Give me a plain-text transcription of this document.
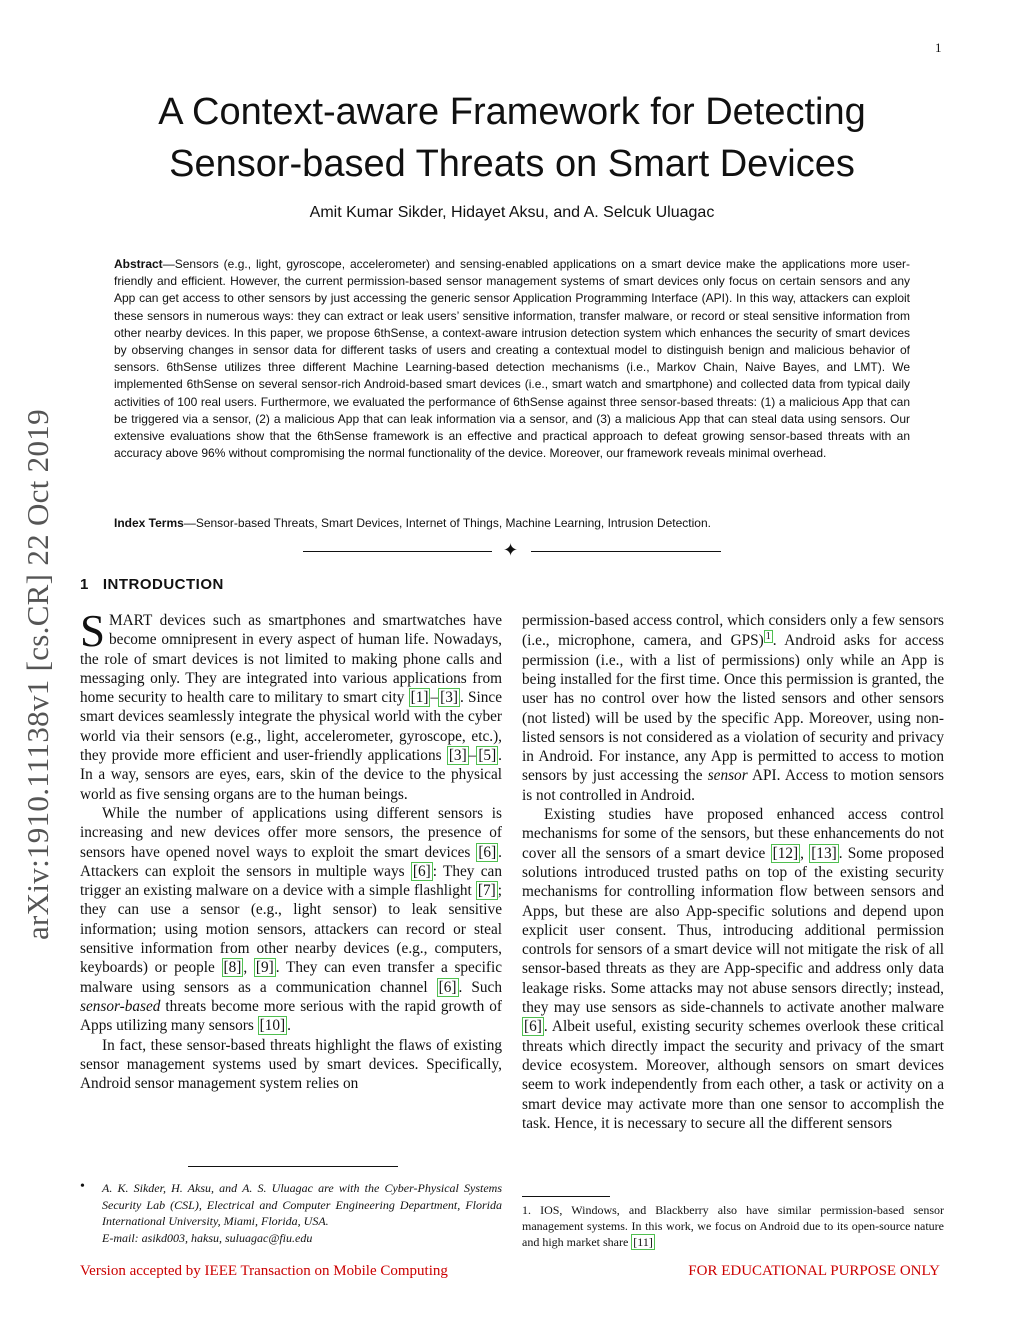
1
A Context-aware Framework for Detecting
Sensor-based Threats on Smart Devices
Amit Kumar Sikder, Hidayet Aksu, and A. Selcuk Uluagac
Abstract—Sensors (e.g., light, gyroscope, accelerometer) and sensing-enabled applications on a smart device make the applications more user-friendly and efficient. However, the current permission-based sensor management systems of smart devices only focus on certain sensors and any App can get access to other sensors by just accessing the generic sensor Application Programming Interface (API). In this way, attackers can exploit these sensors in numerous ways: they can extract or leak users’ sensitive information, transfer malware, or record or steal sensitive information from other nearby devices. In this paper, we propose 6thSense, a context-aware intrusion detection system which enhances the security of smart devices by observing changes in sensor data for different tasks of users and creating a contextual model to distinguish benign and malicious behavior of sensors. 6thSense utilizes three different Machine Learning-based detection mechanisms (i.e., Markov Chain, Naive Bayes, and LMT). We implemented 6thSense on several sensor-rich Android-based smart devices (i.e., smart watch and smartphone) and collected data from typical daily activities of 100 real users. Furthermore, we evaluated the performance of 6thSense against three sensor-based threats: (1) a malicious App that can be triggered via a sensor, (2) a malicious App that can leak information via a sensor, and (3) a malicious App that can steal data using sensors. Our extensive evaluations show that the 6thSense framework is an effective and practical approach to defeat growing sensor-based threats with an accuracy above 96% without compromising the normal functionality of the device. Moreover, our framework reveals minimal overhead.
Index Terms—Sensor-based Threats, Smart Devices, Internet of Things, Machine Learning, Intrusion Detection.
✦
arXiv:1910.11138v1 [cs.CR] 22 Oct 2019 1 INTRODUCTION

SMART devices such as smartphones and smartwatches have become omnipresent in every aspect of human life. Nowadays, the role of smart devices is not limited to making phone calls and messaging only. They are integrated into various applications from home security to health care to military to smart city [1] – [3] . Since smart devices seamlessly integrate the physical world with the cyber world via their sensors (e.g., light, accelerometer, gyroscope, etc.), they provide more efficient and user-friendly applications [3] – [5] . In a way, sensors are eyes, ears, skin of the device to the physical world as five sensing organs are to the human beings.

While the number of applications using different sensors is increasing and new devices offer more sensors, the presence of sensors have opened novel ways to exploit the smart devices [6] . Attackers can exploit the sensors in multiple ways [6] : They can trigger an existing malware on a device with a simple flashlight [7] ; they can use a sensor (e.g., light sensor) to leak sensitive information; using motion sensors, attackers can record or steal sensitive information from other nearby devices (e.g., computers, keyboards) or people [8] , [9] . They can even transfer a specific malware using sensors as a communication channel [6] . Such sensor-based threats become more serious with the rapid growth of Apps utilizing many sensors [10] .

In fact, these sensor-based threats highlight the flaws of existing sensor management systems used by smart devices. Specifically, Android sensor management system relies on

permission-based access control, which considers only a few sensors (i.e., microphone, camera, and GPS) $^1$ . Android asks for access permission (i.e., with a list of permissions) only while an App is being installed for the first time. Once this permission is granted, the user has no control over how the listed sensors and other sensors (not listed) will be used by the specific App. Moreover, using non-listed sensors is not considered as a violation of security and privacy in Android. For instance, any App is permitted to access to motion sensors by just accessing the sensor API. Access to motion sensors is not controlled in Android.

Existing studies have proposed enhanced access control mechanisms for some of the sensors, but these enhancements do not cover all the sensors of a smart device [12] , [13] . Some proposed solutions introduced trusted paths on top of the existing security mechanisms for controlling information flow between sensors and Apps, but these are also App-specific solutions and depend upon explicit user consent. Thus, introducing additional permission controls for sensors of a smart device will not mitigate the risk of all sensor-based threats as they are App-specific and address only data leakage risks. Some attacks may not abuse sensors directly; instead, they may use sensors as side-channels to activate another malware [6] . Albeit useful, existing security schemes overlook these critical threats which directly impact the security and privacy of the smart device ecosystem. Moreover, although sensors on smart devices seem to work independently from each other, a task or activity on a smart device may activate more than one sensor to accomplish the task. Hence, it is necessary to secure all the different sensors

• A. K. Sikder, H. Aksu, and A. S. Uluagac are with the Cyber-Physical Systems Security Lab (CSL), Electrical and Computer Engineering Department, Florida International University, Miami, Florida, USA.
E-mail: asikd003, haksu, suluagac@fiu.edu
1. IOS, Windows, and Blackberry also have similar permission-based sensor management systems. In this work, we focus on Android due to its open-source nature and high market share [11]
Version accepted by IEEE Transaction on Mobile Computing	FOR EDUCATIONAL PURPOSE ONLY
